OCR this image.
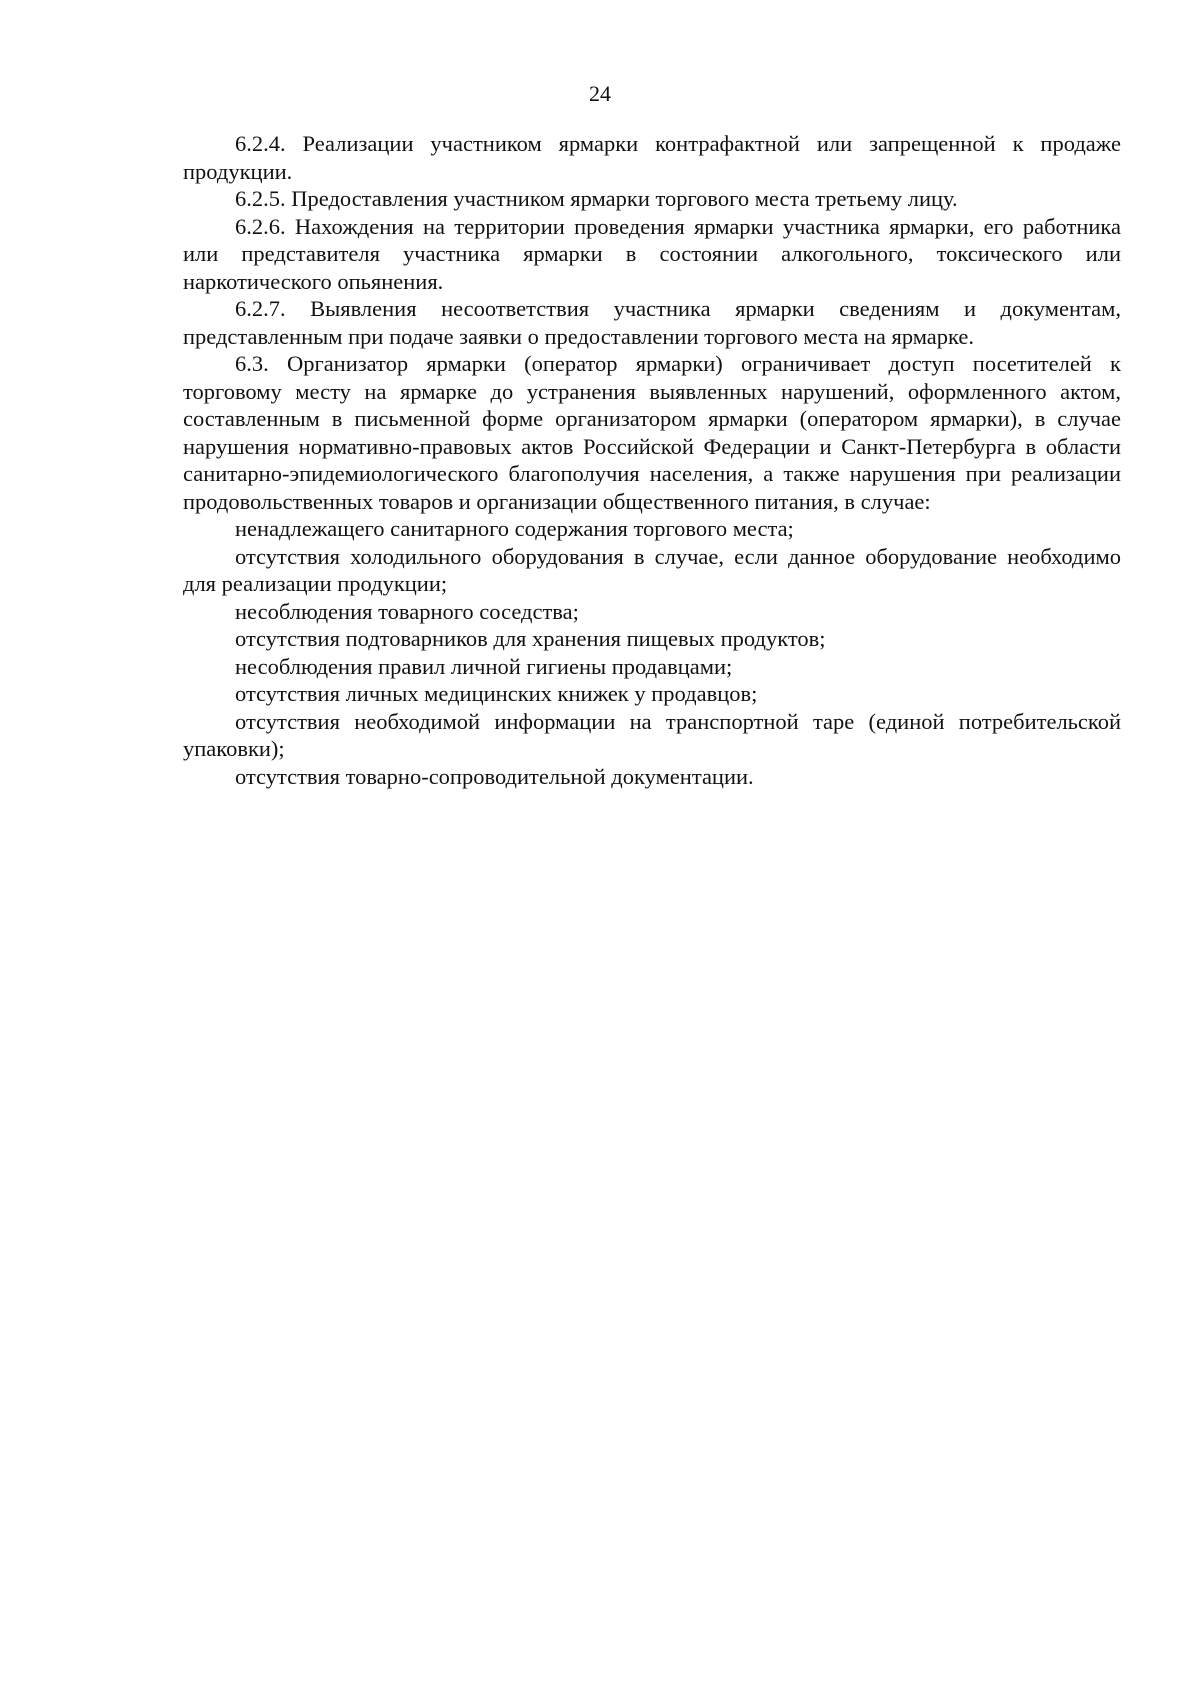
24

6.2.4. Реализации участником ярмарки контрафактной или запрещенной к продаже продукции.

6.2.5. Предоставления участником ярмарки торгового места третьему лицу.

6.2.6. Нахождения на территории проведения ярмарки участника ярмарки, его работника или представителя участника ярмарки в состоянии алкогольного, токсического или наркотического опьянения.

6.2.7. Выявления несоответствия участника ярмарки сведениям и документам, представленным при подаче заявки о предоставлении торгового места на ярмарке.

6.3. Организатор ярмарки (оператор ярмарки) ограничивает доступ посетителей к торговому месту на ярмарке до устранения выявленных нарушений, оформленного актом, составленным в письменной форме организатором ярмарки (оператором ярмарки), в случае нарушения нормативно-правовых актов Российской Федерации и Санкт-Петербурга в области санитарно-эпидемиологического благополучия населения, а также нарушения при реализации продовольственных товаров и организации общественного питания, в случае:

ненадлежащего санитарного содержания торгового места;

отсутствия холодильного оборудования в случае, если данное оборудование необходимо для реализации продукции;

несоблюдения товарного соседства;

отсутствия подтоварников для хранения пищевых продуктов;

несоблюдения правил личной гигиены продавцами;

отсутствия личных медицинских книжек у продавцов;

отсутствия необходимой информации на транспортной таре (единой потребительской упаковки);

отсутствия товарно-сопроводительной документации.
